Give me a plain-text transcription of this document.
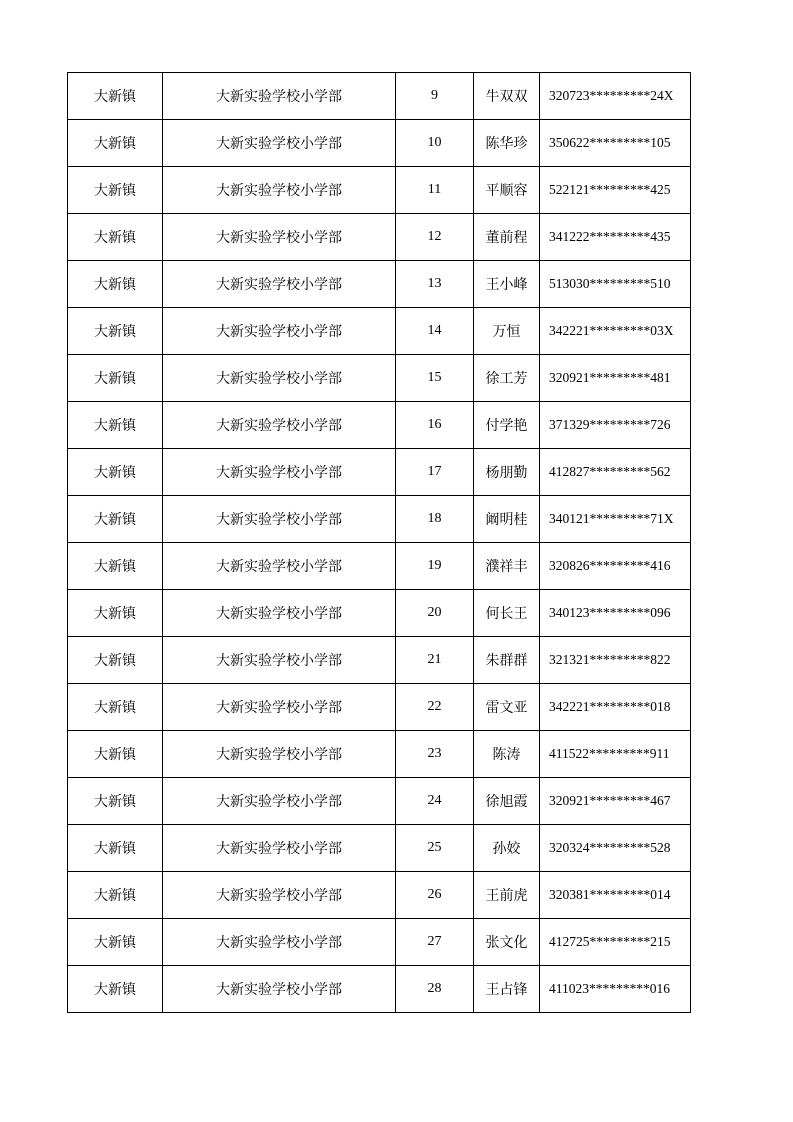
大新镇	大新实验学校小学部	9	牛双双	320723*********24X
大新镇	大新实验学校小学部	10	陈华珍	350622*********105
大新镇	大新实验学校小学部	11	平顺容	522121*********425
大新镇	大新实验学校小学部	12	董前程	341222*********435
大新镇	大新实验学校小学部	13	王小峰	513030*********510
大新镇	大新实验学校小学部	14	万恒	342221*********03X
大新镇	大新实验学校小学部	15	徐工芳	320921*********481
大新镇	大新实验学校小学部	16	付学艳	371329*********726
大新镇	大新实验学校小学部	17	杨朋勤	412827*********562
大新镇	大新实验学校小学部	18	阚明桂	340121*********71X
大新镇	大新实验学校小学部	19	濮祥丰	320826*********416
大新镇	大新实验学校小学部	20	何长王	340123*********096
大新镇	大新实验学校小学部	21	朱群群	321321*********822
大新镇	大新实验学校小学部	22	雷文亚	342221*********018
大新镇	大新实验学校小学部	23	陈涛	411522*********911
大新镇	大新实验学校小学部	24	徐旭霞	320921*********467
大新镇	大新实验学校小学部	25	孙姣	320324*********528
大新镇	大新实验学校小学部	26	王前虎	320381*********014
大新镇	大新实验学校小学部	27	张文化	412725*********215
大新镇	大新实验学校小学部	28	王占锋	411023*********016
